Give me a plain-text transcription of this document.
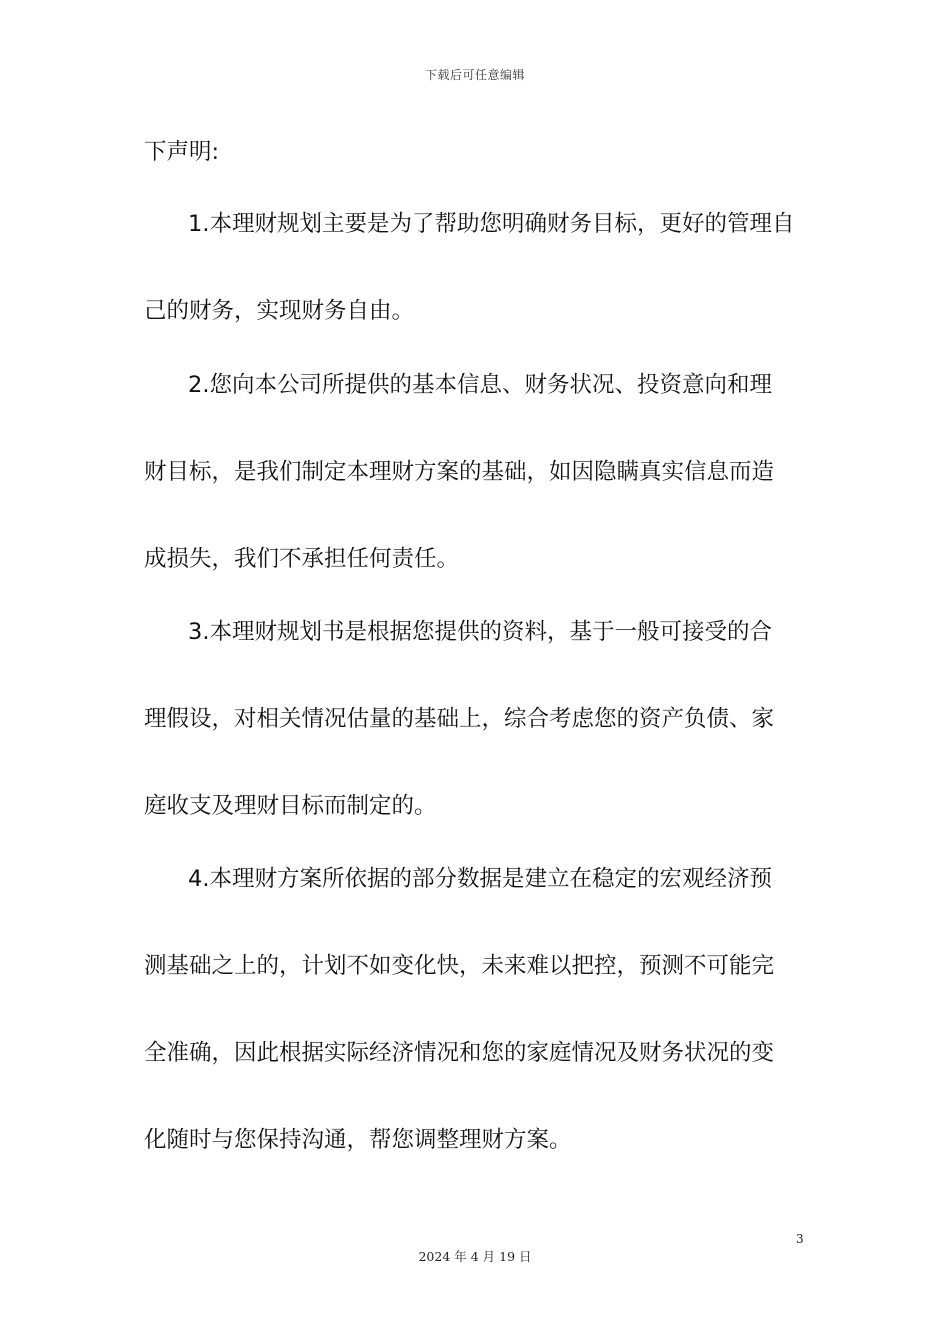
下载后可任意编辑
下声明:
1.本理财规划主要是为了帮助您明确财务目标，更好的管理自
己的财务，实现财务自由。
2.您向本公司所提供的基本信息、财务状况、投资意向和理
财目标，是我们制定本理财方案的基础，如因隐瞒真实信息而造
成损失，我们不承担任何责任。
3.本理财规划书是根据您提供的资料，基于一般可接受的合
理假设，对相关情况估量的基础上，综合考虑您的资产负债、家
庭收支及理财目标而制定的。
4.本理财方案所依据的部分数据是建立在稳定的宏观经济预
测基础之上的，计划不如变化快，未来难以把控，预测不可能完
全准确，因此根据实际经济情况和您的家庭情况及财务状况的变
化随时与您保持沟通，帮您调整理财方案。
3
2024 年 4 月 19 日
